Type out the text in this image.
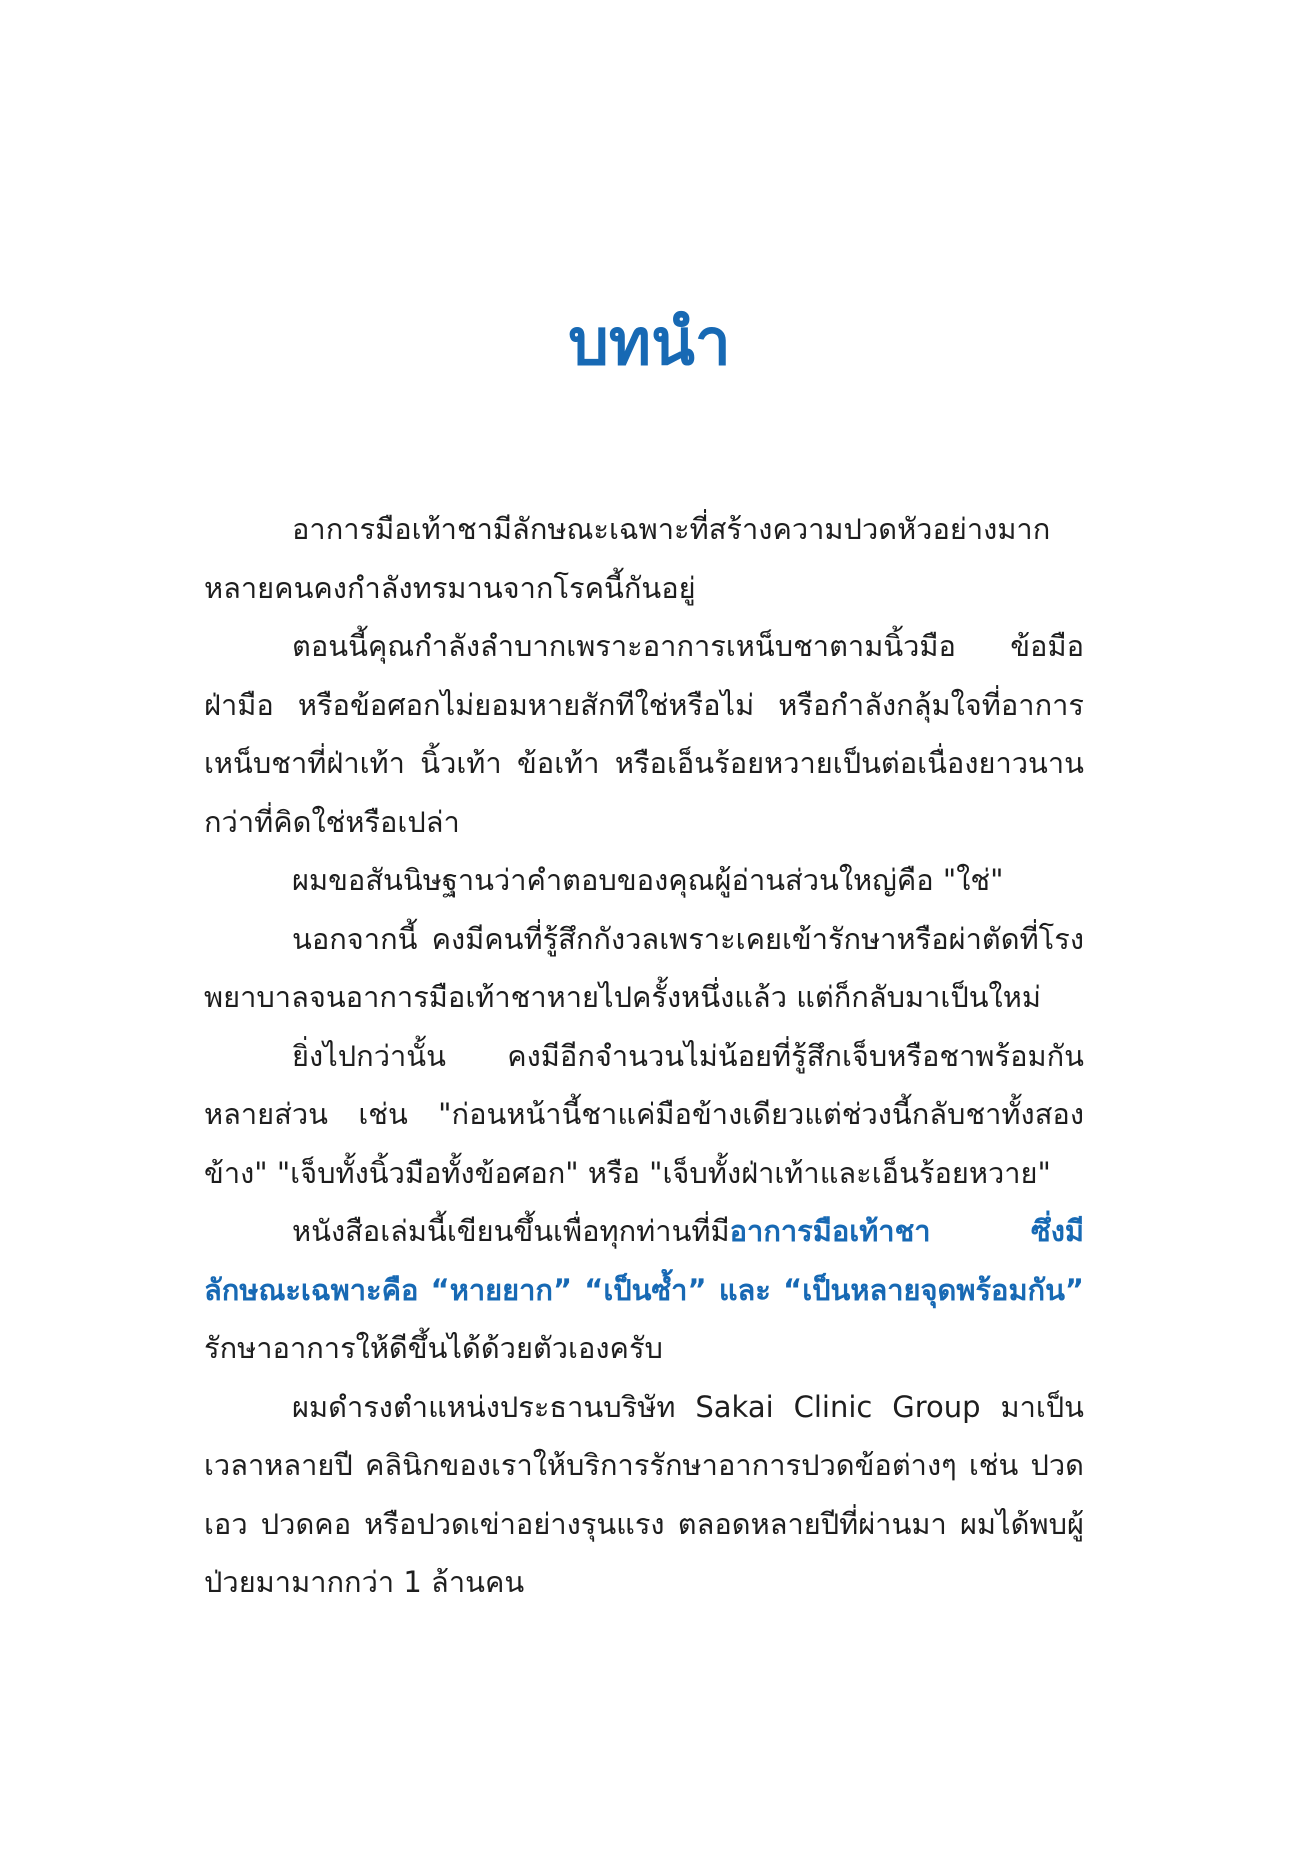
บทนำ

อาการมือเท้าชามีลักษณะเฉพาะที่สร้างความปวดหัวอย่างมาก หลายคนคงกำลังทรมานจากโรคนี้กันอยู่

ตอนนี้คุณกำลังลำบากเพราะอาการเหน็บชาตามนิ้วมือ ข้อมือ ฝ่ามือ หรือข้อศอกไม่ยอมหายสักทีใช่หรือไม่ หรือกำลังกลุ้มใจที่อาการเหน็บชาที่ฝ่าเท้า นิ้วเท้า ข้อเท้า หรือเอ็นร้อยหวายเป็นต่อเนื่องยาวนานกว่าที่คิดใช่หรือเปล่า

ผมขอสันนิษฐานว่าคำตอบของคุณผู้อ่านส่วนใหญ่คือ "ใช่"

นอกจากนี้ คงมีคนที่รู้สึกกังวลเพราะเคยเข้ารักษาหรือผ่าตัดที่โรงพยาบาลจนอาการมือเท้าชาหายไปครั้งหนึ่งแล้ว แต่ก็กลับมาเป็นใหม่

ยิ่งไปกว่านั้น คงมีอีกจำนวนไม่น้อยที่รู้สึกเจ็บหรือชาพร้อมกันหลายส่วน เช่น "ก่อนหน้านี้ชาแค่มือข้างเดียวแต่ช่วงนี้กลับชาทั้งสองข้าง" "เจ็บทั้งนิ้วมือทั้งข้อศอก" หรือ "เจ็บทั้งฝ่าเท้าและเอ็นร้อยหวาย"

หนังสือเล่มนี้เขียนขึ้นเพื่อทุกท่านที่มีอาการมือเท้าชา ซึ่งมีลักษณะเฉพาะคือ “หายยาก” “เป็นซ้ำ” และ “เป็นหลายจุดพร้อมกัน” รักษาอาการให้ดีขึ้นได้ด้วยตัวเองครับ

ผมดำรงตำแหน่งประธานบริษัท Sakai Clinic Group มาเป็นเวลาหลายปี คลินิกของเราให้บริการรักษาอาการปวดข้อต่างๆ เช่น ปวดเอว ปวดคอ หรือปวดเข่าอย่างรุนแรง ตลอดหลายปีที่ผ่านมา ผมได้พบผู้ป่วยมามากกว่า 1 ล้านคน
